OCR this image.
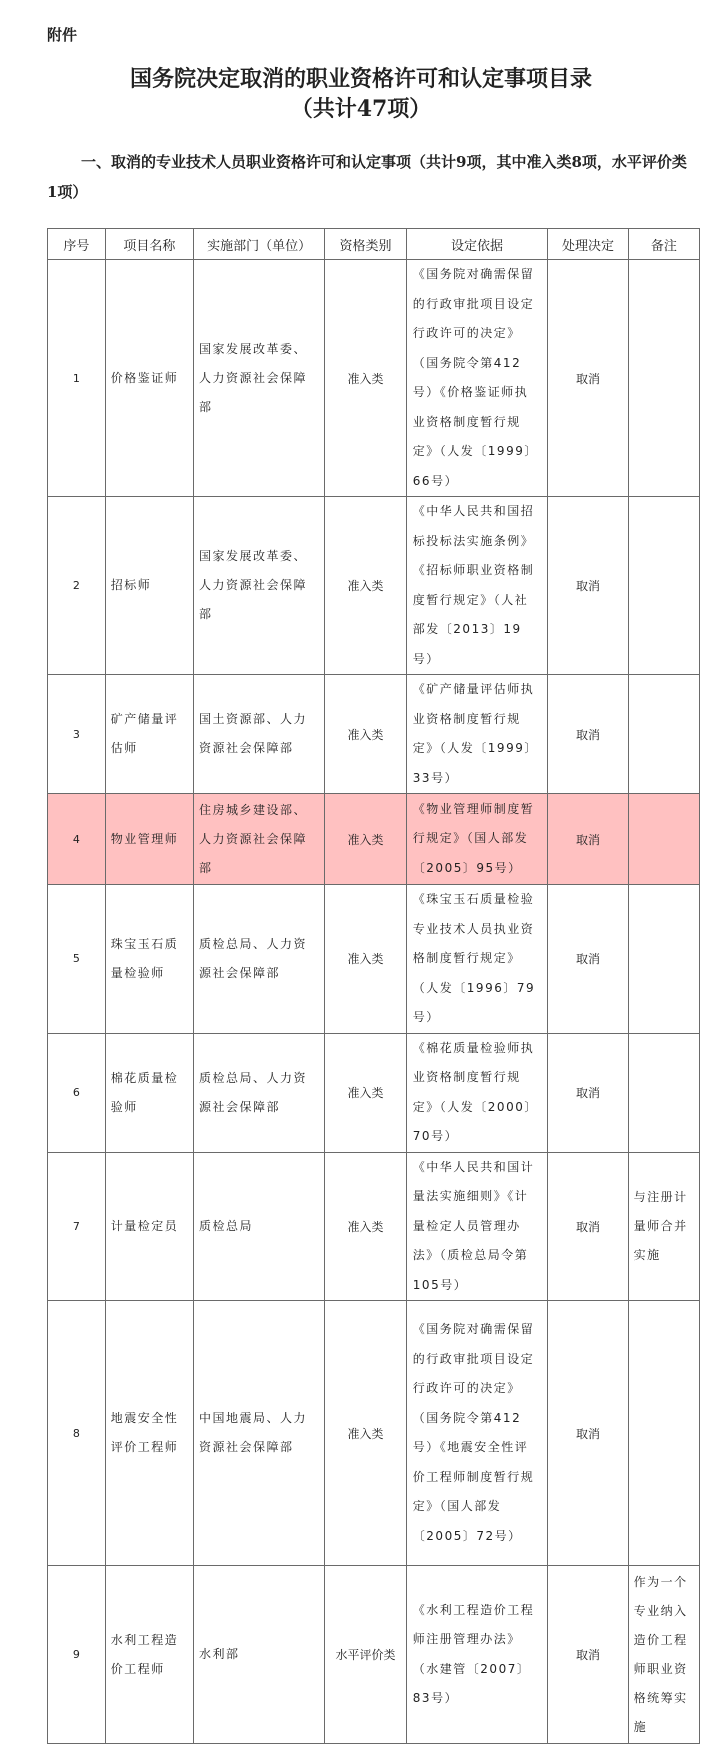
附件
国务院决定取消的职业资格许可和认定事项目录
（共计47项）
一、取消的专业技术人员职业资格许可和认定事项（共计9项，其中准入类8项，水平评价类1项）
序号	项目名称	实施部门（单位）	资格类别	设定依据	处理决定	备注
1	价格鉴证师	国家发展改革委、人力资源社会保障部	准入类	《国务院对确需保留的行政审批项目设定行政许可的决定》（国务院令第412号）《价格鉴证师执业资格制度暂行规定》（人发〔1999〕66号）	取消	
2	招标师	国家发展改革委、人力资源社会保障部	准入类	《中华人民共和国招标投标法实施条例》《招标师职业资格制度暂行规定》（人社部发〔2013〕19号）	取消	
3	矿产储量评估师	国土资源部、人力资源社会保障部	准入类	《矿产储量评估师执业资格制度暂行规定》（人发〔1999〕33号）	取消	
4	物业管理师	住房城乡建设部、人力资源社会保障部	准入类	《物业管理师制度暂行规定》（国人部发〔2005〕95号）	取消	
5	珠宝玉石质量检验师	质检总局、人力资源社会保障部	准入类	《珠宝玉石质量检验专业技术人员执业资格制度暂行规定》（人发〔1996〕79号）	取消	
6	棉花质量检验师	质检总局、人力资源社会保障部	准入类	《棉花质量检验师执业资格制度暂行规定》（人发〔2000〕70号）	取消	
7	计量检定员	质检总局	准入类	《中华人民共和国计量法实施细则》《计量检定人员管理办法》（质检总局令第105号）	取消	与注册计量师合并实施
8	地震安全性评价工程师	中国地震局、人力资源社会保障部	准入类	《国务院对确需保留的行政审批项目设定行政许可的决定》（国务院令第412号）《地震安全性评价工程师制度暂行规定》（国人部发〔2005〕72号）	取消	
9	水利工程造价工程师	水利部	水平评价类	《水利工程造价工程师注册管理办法》（水建管〔2007〕83号）	取消	作为一个专业纳入造价工程师职业资格统筹实施
